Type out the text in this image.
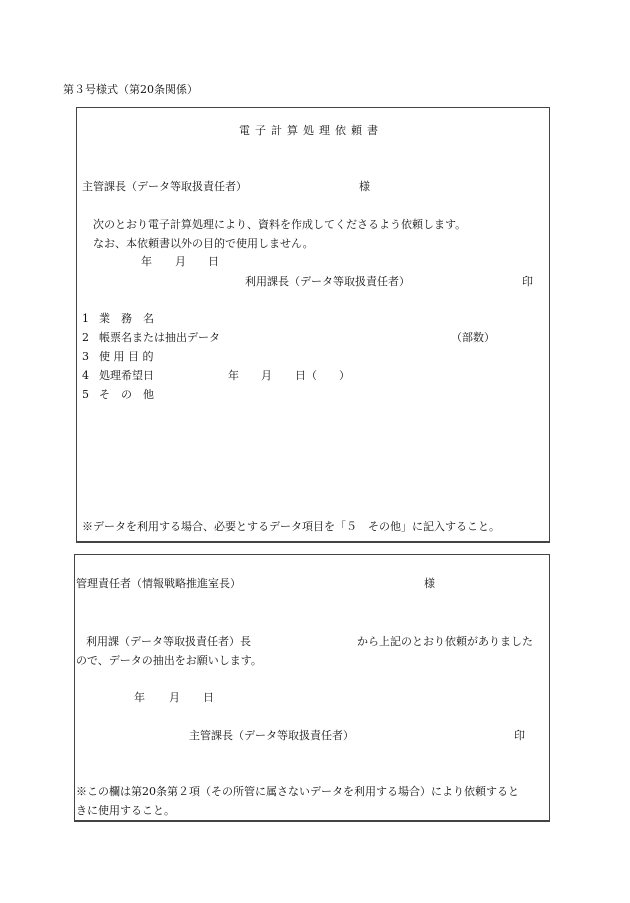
第３号様式（第20条関係）
電子計算処理依頼書
主管課長（データ等取扱責任者）	様
次のとおり電子計算処理により、資料を作成してくださるよう依頼します。
なお、本依頼書以外の目的で使用しません。
年 月 日
利用課長（データ等取扱責任者）	印
1 業　務　名
2 帳票名または抽出データ	（部数）
3 使 用 目 的
4 処理希望日	年 月 日（　　）
5 そ　の　他
※データを利用する場合、必要とするデータ項目を「５　その他」に記入すること。
管理責任者（情報戦略推進室長）	様
利用課（データ等取扱責任者）長	から上記のとおり依頼がありました
ので、データの抽出をお願いします。
年 月 日
主管課長（データ等取扱責任者）	印
※この欄は第20条第２項（その所管に属さないデータを利用する場合）により依頼すると
きに使用すること。
